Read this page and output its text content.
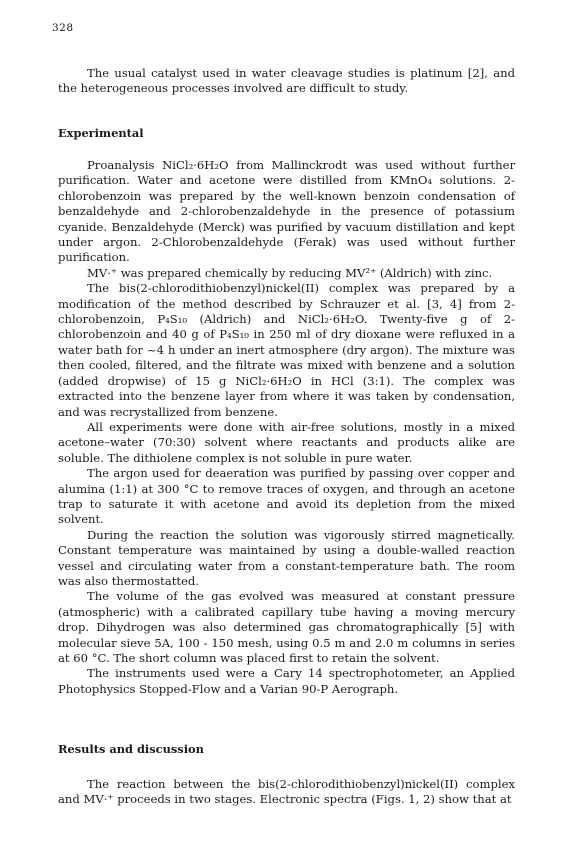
328

The usual catalyst used in water cleavage studies is platinum [2], and the heterogeneous processes involved are difficult to study.

Experimental

Proanalysis NiCl₂·6H₂O from Mallinckrodt was used without further purification. Water and acetone were distilled from KMnO₄ solutions. 2-chlorobenzoin was prepared by the well-known benzoin condensation of benzaldehyde and 2-chlorobenzaldehyde in the presence of potassium cyanide. Benzaldehyde (Merck) was purified by vacuum distillation and kept under argon. 2-Chlorobenzaldehyde (Ferak) was used without further purification.

MV·⁺ was prepared chemically by reducing MV²⁺ (Aldrich) with zinc.

The bis(2-chlorodithiobenzyl)nickel(II) complex was prepared by a modification of the method described by Schrauzer et al. [3, 4] from 2-chlorobenzoin, P₄S₁₀ (Aldrich) and NiCl₂·6H₂O. Twenty-five g of 2-chlorobenzoin and 40 g of P₄S₁₀ in 250 ml of dry dioxane were refluxed in a water bath for ~4 h under an inert atmosphere (dry argon). The mixture was then cooled, filtered, and the filtrate was mixed with benzene and a solution (added dropwise) of 15 g NiCl₂·6H₂O in HCl (3:1). The complex was extracted into the benzene layer from where it was taken by condensation, and was recrystallized from benzene.

All experiments were done with air-free solutions, mostly in a mixed acetone–water (70:30) solvent where reactants and products alike are soluble. The dithiolene complex is not soluble in pure water.

The argon used for deaeration was purified by passing over copper and alumina (1:1) at 300 °C to remove traces of oxygen, and through an acetone trap to saturate it with acetone and avoid its depletion from the mixed solvent.

During the reaction the solution was vigorously stirred magnetically. Constant temperature was maintained by using a double-walled reaction vessel and circulating water from a constant-temperature bath. The room was also thermostatted.

The volume of the gas evolved was measured at constant pressure (atmospheric) with a calibrated capillary tube having a moving mercury drop. Dihydrogen was also determined gas chromatographically [5] with molecular sieve 5A, 100 - 150 mesh, using 0.5 m and 2.0 m columns in series at 60 °C. The short column was placed first to retain the solvent.

The instruments used were a Cary 14 spectrophotometer, an Applied Photophysics Stopped-Flow and a Varian 90-P Aerograph.

Results and discussion

The reaction between the bis(2-chlorodithiobenzyl)nickel(II) complex and MV·⁺ proceeds in two stages. Electronic spectra (Figs. 1, 2) show that at
